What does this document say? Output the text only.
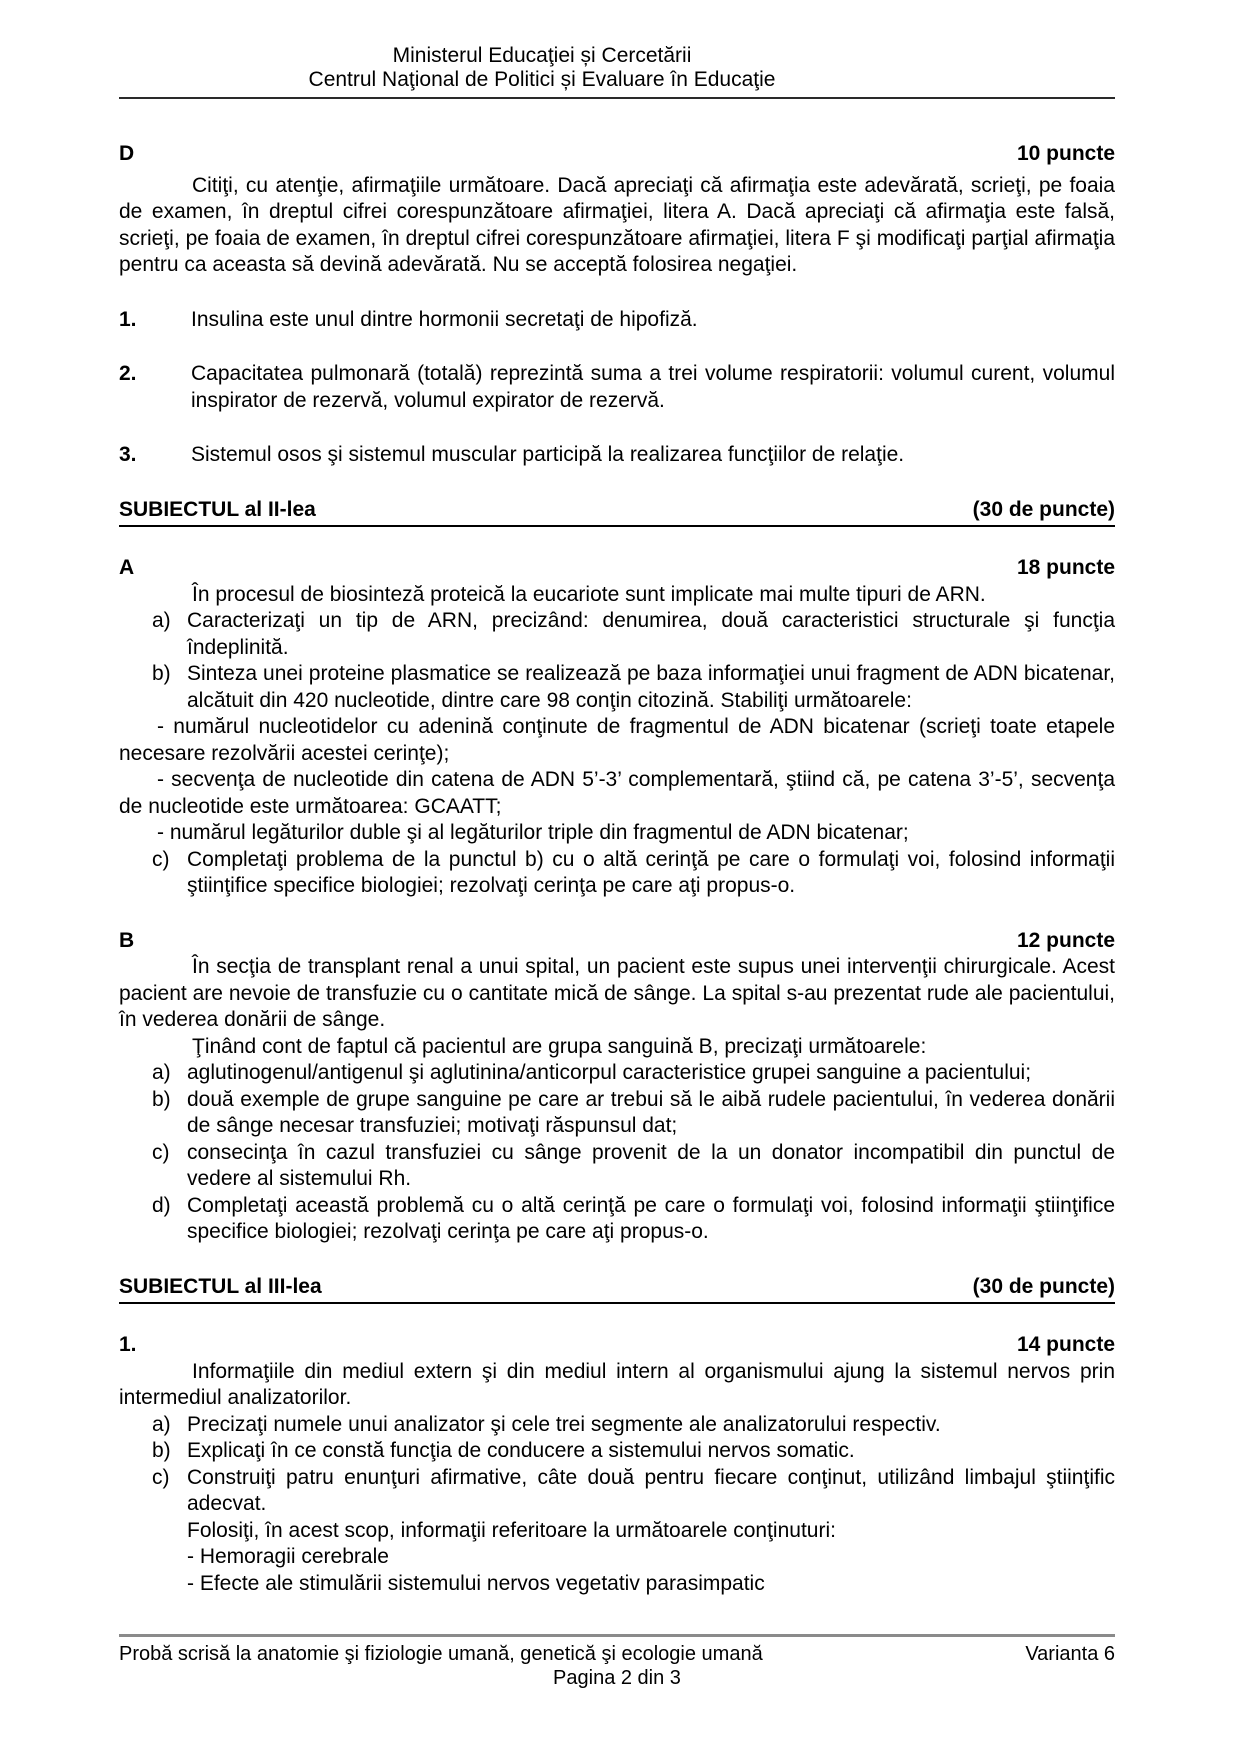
Ministerul Educaţiei și Cercetării
Centrul Naţional de Politici și Evaluare în Educaţie
D	10 puncte

Citiţi, cu atenţie, afirmaţiile următoare. Dacă apreciaţi că afirmaţia este adevărată, scrieţi, pe foaia de examen, în dreptul cifrei corespunzătoare afirmaţiei, litera A. Dacă apreciaţi că afirmaţia este falsă, scrieţi, pe foaia de examen, în dreptul cifrei corespunzătoare afirmaţiei, litera F şi modificaţi parţial afirmaţia pentru ca aceasta să devină adevărată. Nu se acceptă folosirea negaţiei.

1.	Insulina este unul dintre hormonii secretaţi de hipofiză.
2.	Capacitatea pulmonară (totală) reprezintă suma a trei volume respiratorii: volumul curent, volumul inspirator de rezervă, volumul expirator de rezervă.
3.	Sistemul osos şi sistemul muscular participă la realizarea funcţiilor de relaţie.
SUBIECTUL al II-lea	(30 de puncte)
A	18 puncte

În procesul de biosinteză proteică la eucariote sunt implicate mai multe tipuri de ARN.

a) Caracterizaţi un tip de ARN, precizând: denumirea, două caracteristici structurale şi funcţia îndeplinită.
b) Sinteza unei proteine plasmatice se realizează pe baza informaţiei unui fragment de ADN bicatenar, alcătuit din 420 nucleotide, dintre care 98 conţin citozină. Stabiliţi următoarele:

- numărul nucleotidelor cu adenină conţinute de fragmentul de ADN bicatenar (scrieţi toate etapele necesare rezolvării acestei cerinţe);

- secvenţa de nucleotide din catena de ADN 5’-3’ complementară, ştiind că, pe catena 3’-5’, secvenţa de nucleotide este următoarea: GCAATT;

- numărul legăturilor duble şi al legăturilor triple din fragmentul de ADN bicatenar;

c) Completaţi problema de la punctul b) cu o altă cerinţă pe care o formulaţi voi, folosind informaţii ştiinţifice specifice biologiei; rezolvaţi cerinţa pe care aţi propus-o.
B	12 puncte

În secţia de transplant renal a unui spital, un pacient este supus unei intervenţii chirurgicale. Acest pacient are nevoie de transfuzie cu o cantitate mică de sânge. La spital s-au prezentat rude ale pacientului, în vederea donării de sânge.

Ţinând cont de faptul că pacientul are grupa sanguină B, precizaţi următoarele:

a) aglutinogenul/antigenul şi aglutinina/anticorpul caracteristice grupei sanguine a pacientului;
b) două exemple de grupe sanguine pe care ar trebui să le aibă rudele pacientului, în vederea donării de sânge necesar transfuziei; motivaţi răspunsul dat;
c) consecinţa în cazul transfuziei cu sânge provenit de la un donator incompatibil din punctul de vedere al sistemului Rh.
d) Completaţi această problemă cu o altă cerinţă pe care o formulaţi voi, folosind informaţii ştiinţifice specifice biologiei; rezolvaţi cerinţa pe care aţi propus-o.
SUBIECTUL al III-lea	(30 de puncte)
1.	14 puncte

Informaţiile din mediul extern şi din mediul intern al organismului ajung la sistemul nervos prin intermediul analizatorilor.

a) Precizaţi numele unui analizator şi cele trei segmente ale analizatorului respectiv.
b) Explicaţi în ce constă funcţia de conducere a sistemului nervos somatic.
c) Construiţi patru enunţuri afirmative, câte două pentru fiecare conţinut, utilizând limbajul ştiinţific adecvat.
Folosiţi, în acest scop, informaţii referitoare la următoarele conţinuturi:
- Hemoragii cerebrale
- Efecte ale stimulării sistemului nervos vegetativ parasimpatic
Probă scrisă la anatomie şi fiziologie umană, genetică şi ecologie umană	Varianta 6
Pagina 2 din 3
